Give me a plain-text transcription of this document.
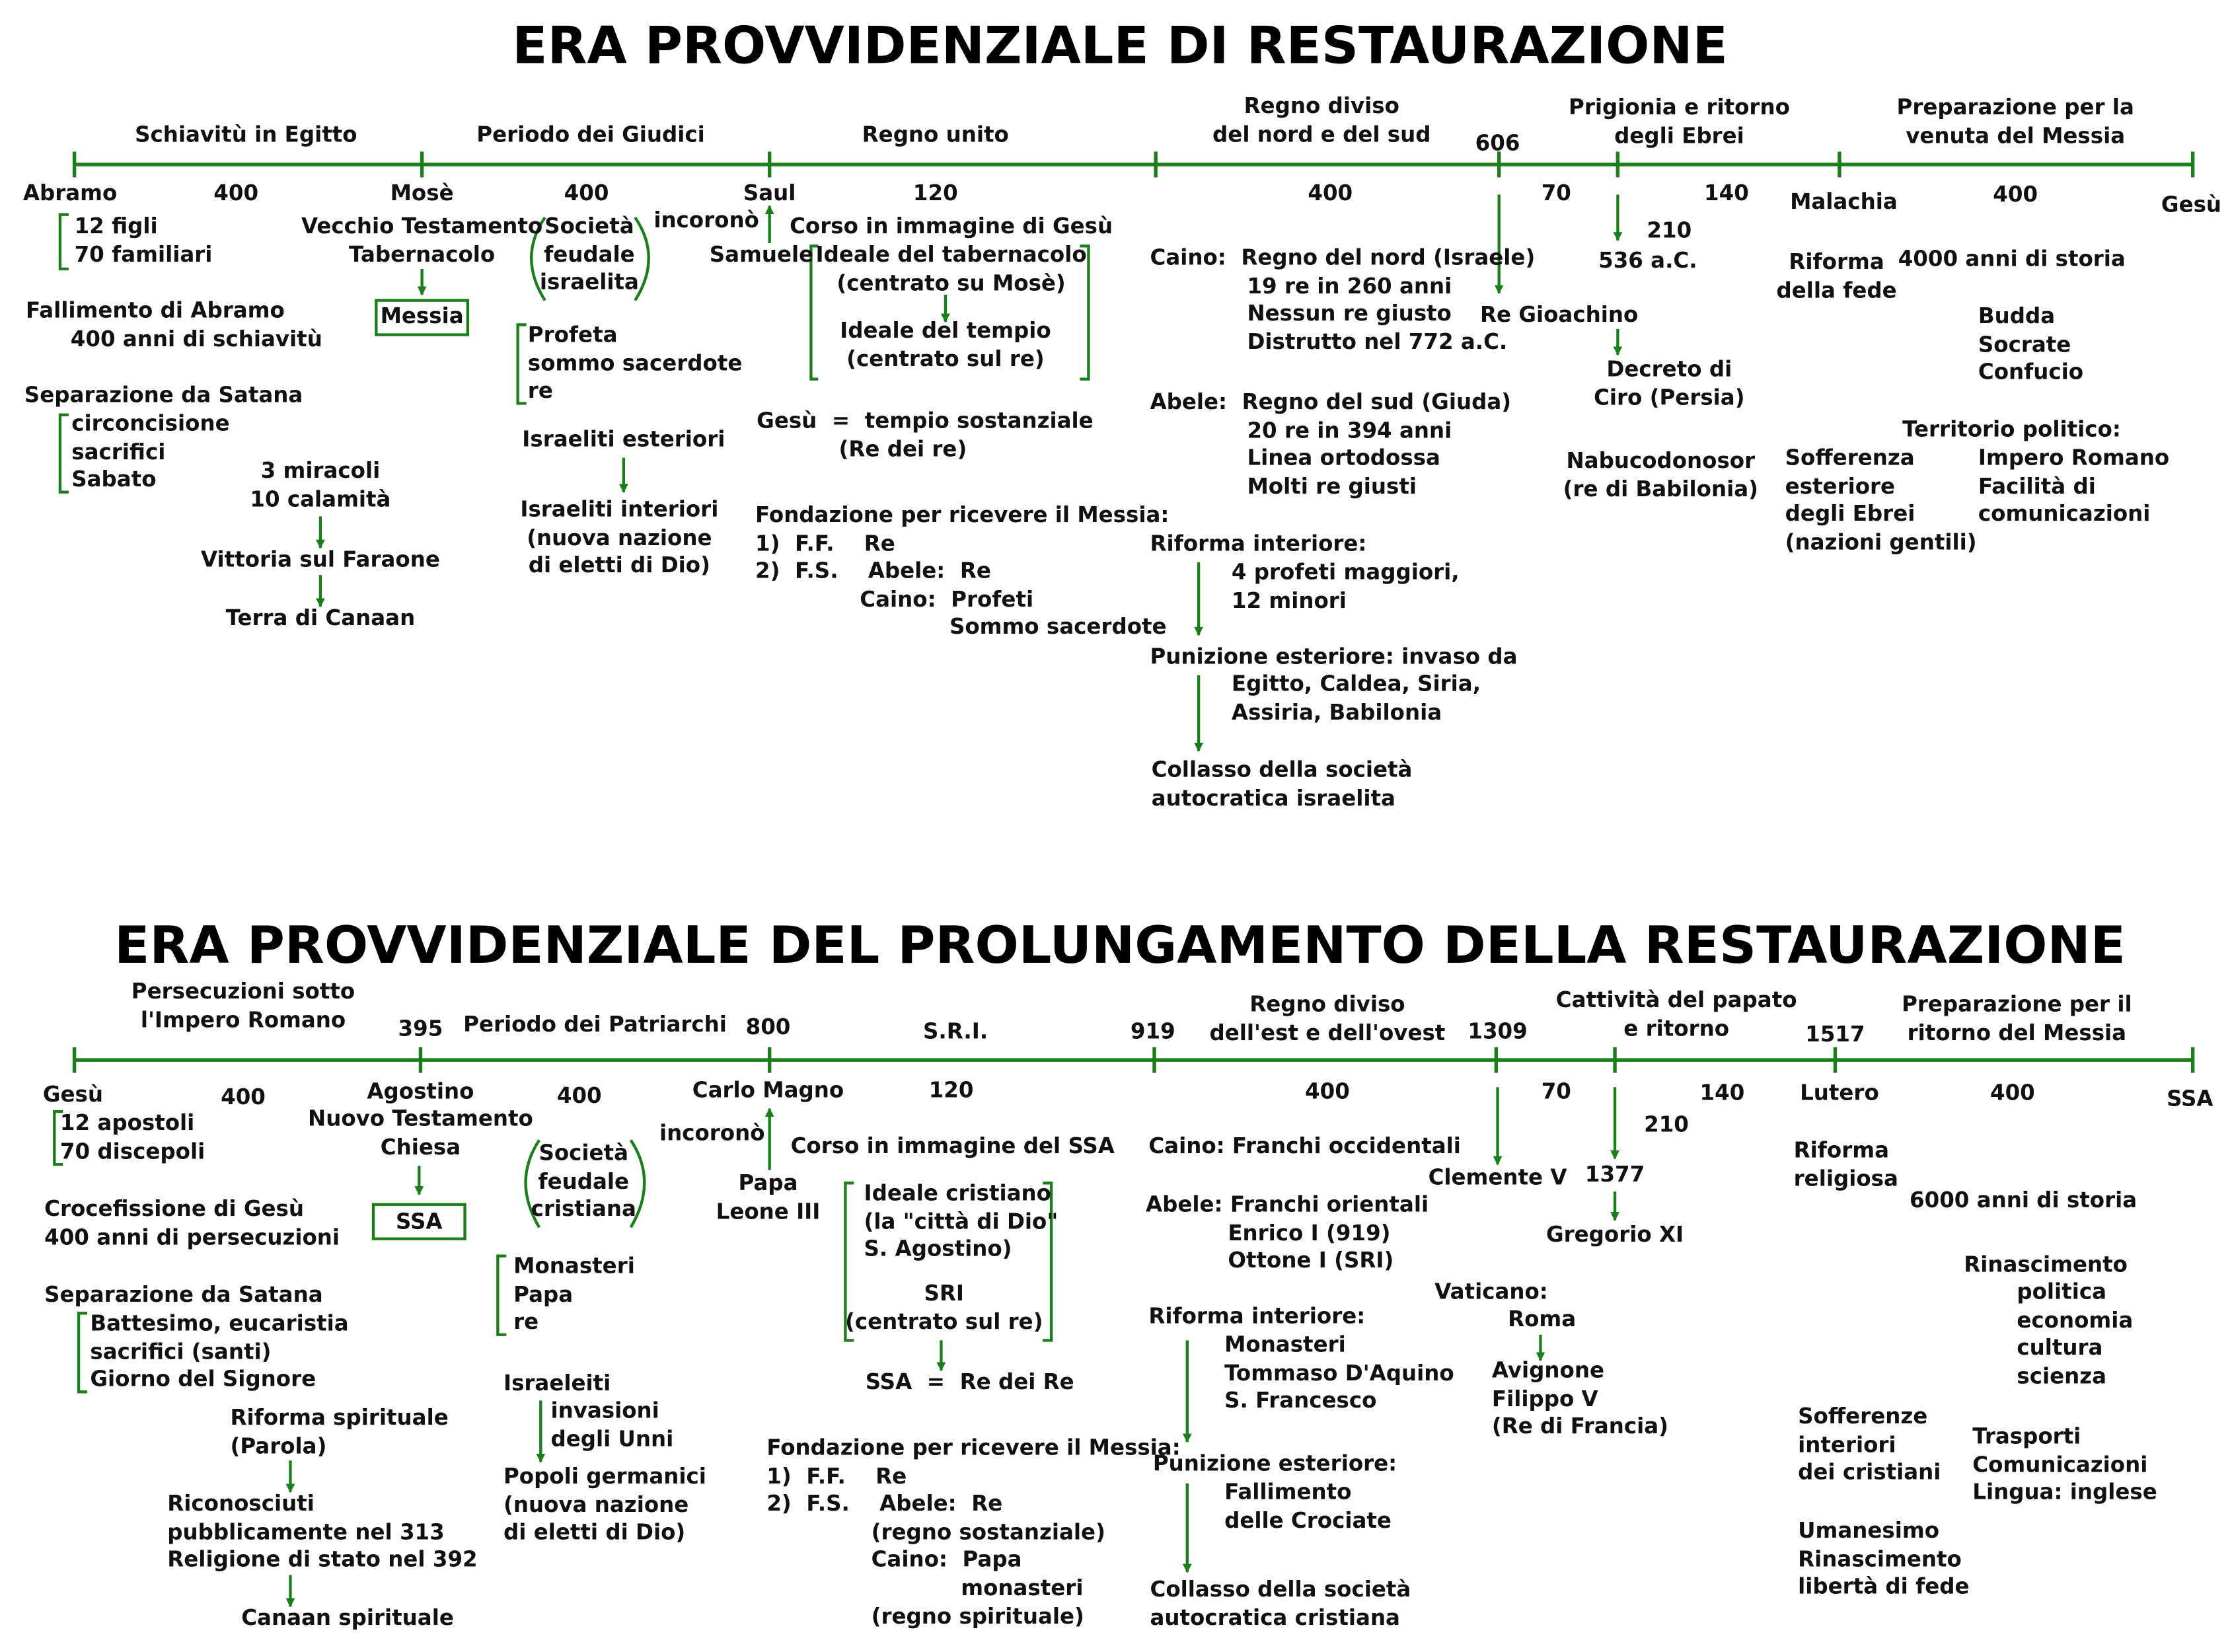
ERA PROVVIDENZIALE DI RESTAURAZIONE
Schiavitù in Egitto	Periodo dei Giudici	Regno unito
Regno diviso
del nord e del sud
Prigionia e ritorno
degli Ebrei
Preparazione per la
venuta del Messia
606
Abramo	400	Mosè	400	Saul	120	400	70	140	Malachia	400	Gesù
12 figli
70 familiari
Fallimento di Abramo
400 anni di schiavitù
Separazione da Satana
circoncisione
sacrifici
Sabato	3 miracoli
10 calamità
Vittoria sul Faraone
Terra di Canaan
Vecchio Testamento
Tabernacolo
Messia
Società
feudale
israelita
Profeta
sommo sacerdote
re
Israeliti esteriori
Israeliti interiori
(nuova nazione
di eletti di Dio)
incoronò
Samuele
Corso in immagine di Gesù
Ideale del tabernacolo
(centrato su Mosè)
Ideale del tempio
(centrato sul re)
Gesù  =  tempio sostanziale
(Re dei re)
Fondazione per ricevere il Messia:
1)  F.F.    Re
2)  F.S.    Abele:  Re
Caino:  Profeti
Sommo sacerdote
Caino:  Regno del nord (Israele)
19 re in 260 anni
Nessun re giusto
Distrutto nel 772 a.C.
Abele:  Regno del sud (Giuda)
20 re in 394 anni
Linea ortodossa
Molti re giusti
Riforma interiore:
4 profeti maggiori,
12 minori
Punizione esteriore: invaso da
Egitto, Caldea, Siria,
Assiria, Babilonia
Collasso della società
autocratica israelita
Re Gioachino
210
536 a.C.
Decreto di
Ciro (Persia)
Nabucodonosor
(re di Babilonia)
Riforma
della fede
4000 anni di storia
Budda
Socrate
Confucio
Territorio politico:
Impero Romano
Facilità di
comunicazioni
Sofferenza
esteriore
degli Ebrei
(nazioni gentili)
ERA PROVVIDENZIALE DEL PROLUNGAMENTO DELLA RESTAURAZIONE
Persecuzioni sotto
l'Impero Romano	Periodo dei Patriarchi	S.R.I.
Regno diviso
dell'est e dell'ovest
Cattività del papato
e ritorno
Preparazione per il
ritorno del Messia
395	800	919	1309	1517
Gesù	400	Agostino	400	Carlo Magno	120	400	70	140	Lutero	400	SSA
12 apostoli
70 discepoli
Crocefissione di Gesù
400 anni di persecuzioni
Separazione da Satana
Battesimo, eucaristia
sacrifici (santi)
Giorno del Signore
Riforma spirituale
(Parola)
Riconosciuti
pubblicamente nel 313
Religione di stato nel 392
Canaan spirituale
Nuovo Testamento
Chiesa
SSA
Società
feudale
cristiana
Monasteri
Papa
re
Israeleiti
invasioni
degli Unni
Popoli germanici
(nuova nazione
di eletti di Dio)
incoronò
Papa
Leone III
Corso in immagine del SSA
Ideale cristiano
(la "città di Dio"
S. Agostino)
SRI
(centrato sul re)
SSA  =  Re dei Re
Fondazione per ricevere il Messia:
1)  F.F.    Re
2)  F.S.    Abele:  Re
(regno sostanziale)
Caino:  Papa
monasteri
(regno spirituale)
Caino: Franchi occidentali
Abele: Franchi orientali
Enrico I (919)
Ottone I (SRI)
Riforma interiore:
Monasteri
Tommaso D'Aquino
S. Francesco
Punizione esteriore:
Fallimento
delle Crociate
Collasso della società
autocratica cristiana
Clemente V
210
1377
Gregorio XI
Vaticano:
Roma
Avignone
Filippo V
(Re di Francia)
Riforma
religiosa
6000 anni di storia
Rinascimento
politica
economia
cultura
scienza
Sofferenze
interiori
dei cristiani
Trasporti
Comunicazioni
Lingua: inglese
Umanesimo
Rinascimento
libertà di fede
